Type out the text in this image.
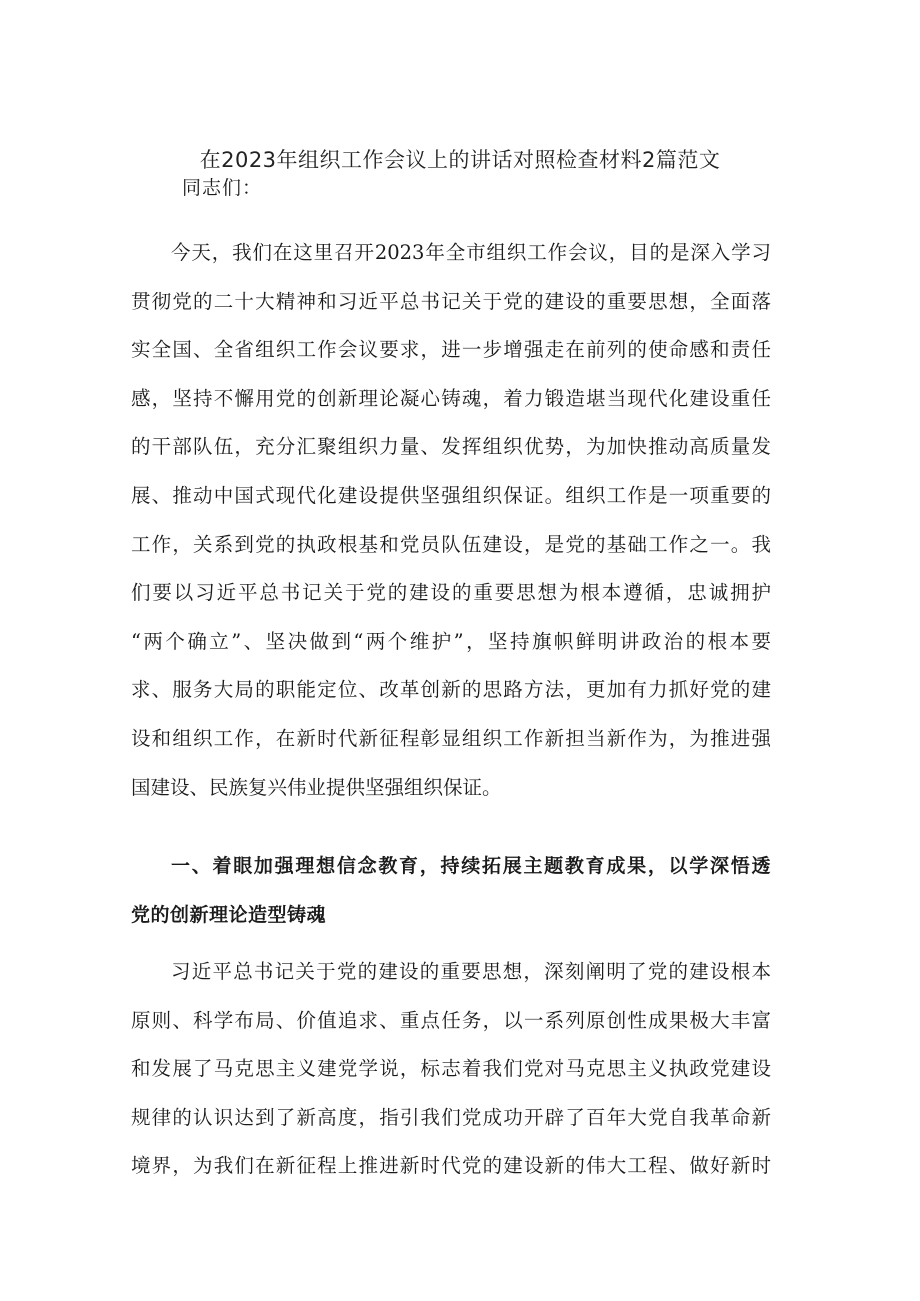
在2023年组织工作会议上的讲话对照检查材料2篇范文
同志们：
今天，我们在这里召开2023年全市组织工作会议，目的是深入学习
贯彻党的二十大精神和习近平总书记关于党的建设的重要思想，全面落
实全国、全省组织工作会议要求，进一步增强走在前列的使命感和责任
感，坚持不懈用党的创新理论凝心铸魂，着力锻造堪当现代化建设重任
的干部队伍，充分汇聚组织力量、发挥组织优势，为加快推动高质量发
展、推动中国式现代化建设提供坚强组织保证。组织工作是一项重要的
工作，关系到党的执政根基和党员队伍建设，是党的基础工作之一。我
们要以习近平总书记关于党的建设的重要思想为根本遵循，忠诚拥护
“两个确立”、坚决做到“两个维护”，坚持旗帜鲜明讲政治的根本要
求、服务大局的职能定位、改革创新的思路方法，更加有力抓好党的建
设和组织工作，在新时代新征程彰显组织工作新担当新作为，为推进强
国建设、民族复兴伟业提供坚强组织保证。
一、着眼加强理想信念教育，持续拓展主题教育成果，以学深悟透
党的创新理论造型铸魂
习近平总书记关于党的建设的重要思想，深刻阐明了党的建设根本
原则、科学布局、价值追求、重点任务，以一系列原创性成果极大丰富
和发展了马克思主义建党学说，标志着我们党对马克思主义执政党建设
规律的认识达到了新高度，指引我们党成功开辟了百年大党自我革命新
境界，为我们在新征程上推进新时代党的建设新的伟大工程、做好新时
